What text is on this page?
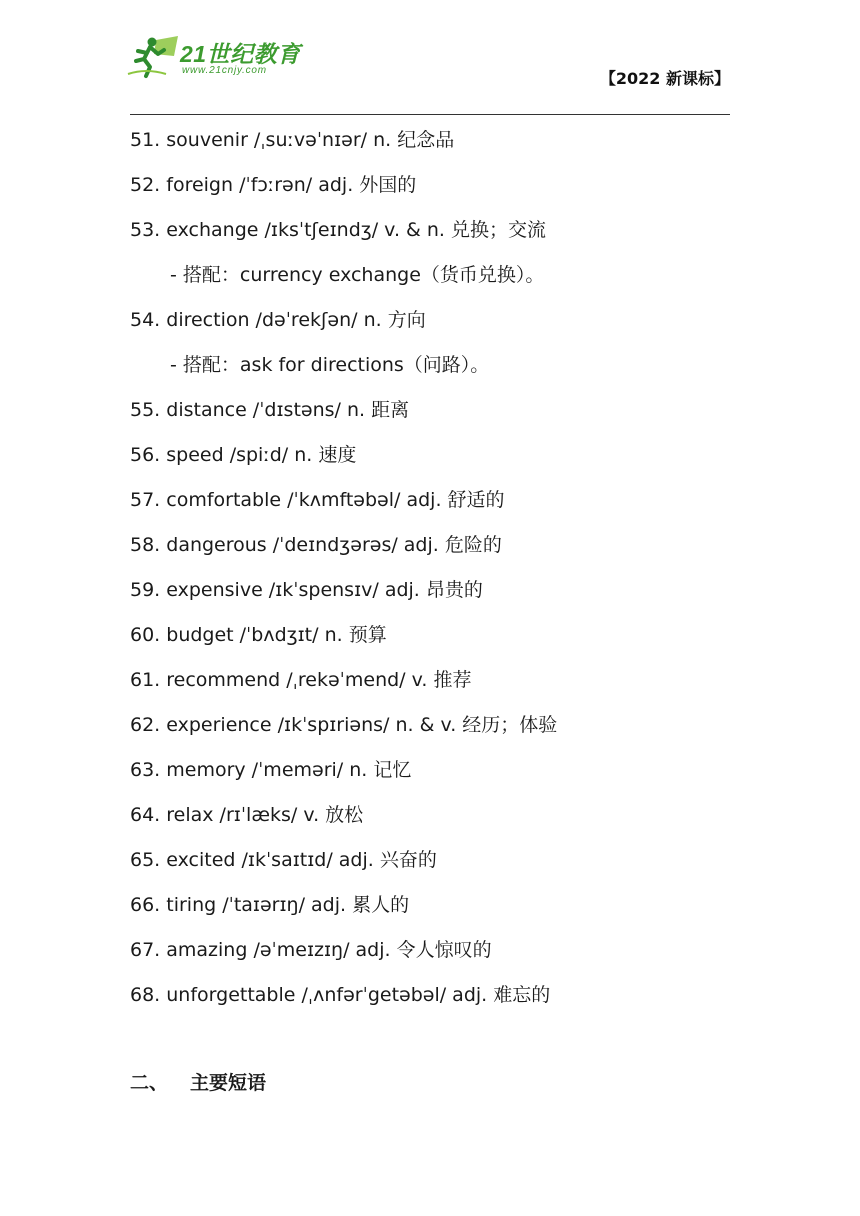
21世纪教育
www.21cnjy.com	【2022 新课标】
51. souvenir /ˌsuːvəˈnɪər/ n. 纪念品
52. foreign /ˈfɔːrən/ adj. 外国的
53. exchange /ɪksˈtʃeɪndʒ/ v. & n. 兑换；交流
- 搭配：currency exchange（货币兑换）。
54. direction /dəˈrekʃən/ n. 方向
- 搭配：ask for directions（问路）。
55. distance /ˈdɪstəns/ n. 距离
56. speed /spiːd/ n. 速度
57. comfortable /ˈkʌmftəbəl/ adj. 舒适的
58. dangerous /ˈdeɪndʒərəs/ adj. 危险的
59. expensive /ɪkˈspensɪv/ adj. 昂贵的
60. budget /ˈbʌdʒɪt/ n. 预算
61. recommend /ˌrekəˈmend/ v. 推荐
62. experience /ɪkˈspɪriəns/ n. & v. 经历；体验
63. memory /ˈmeməri/ n. 记忆
64. relax /rɪˈlæks/ v. 放松
65. excited /ɪkˈsaɪtɪd/ adj. 兴奋的
66. tiring /ˈtaɪərɪŋ/ adj. 累人的
67. amazing /əˈmeɪzɪŋ/ adj. 令人惊叹的
68. unforgettable /ˌʌnfərˈgetəbəl/ adj. 难忘的
二、 主要短语
